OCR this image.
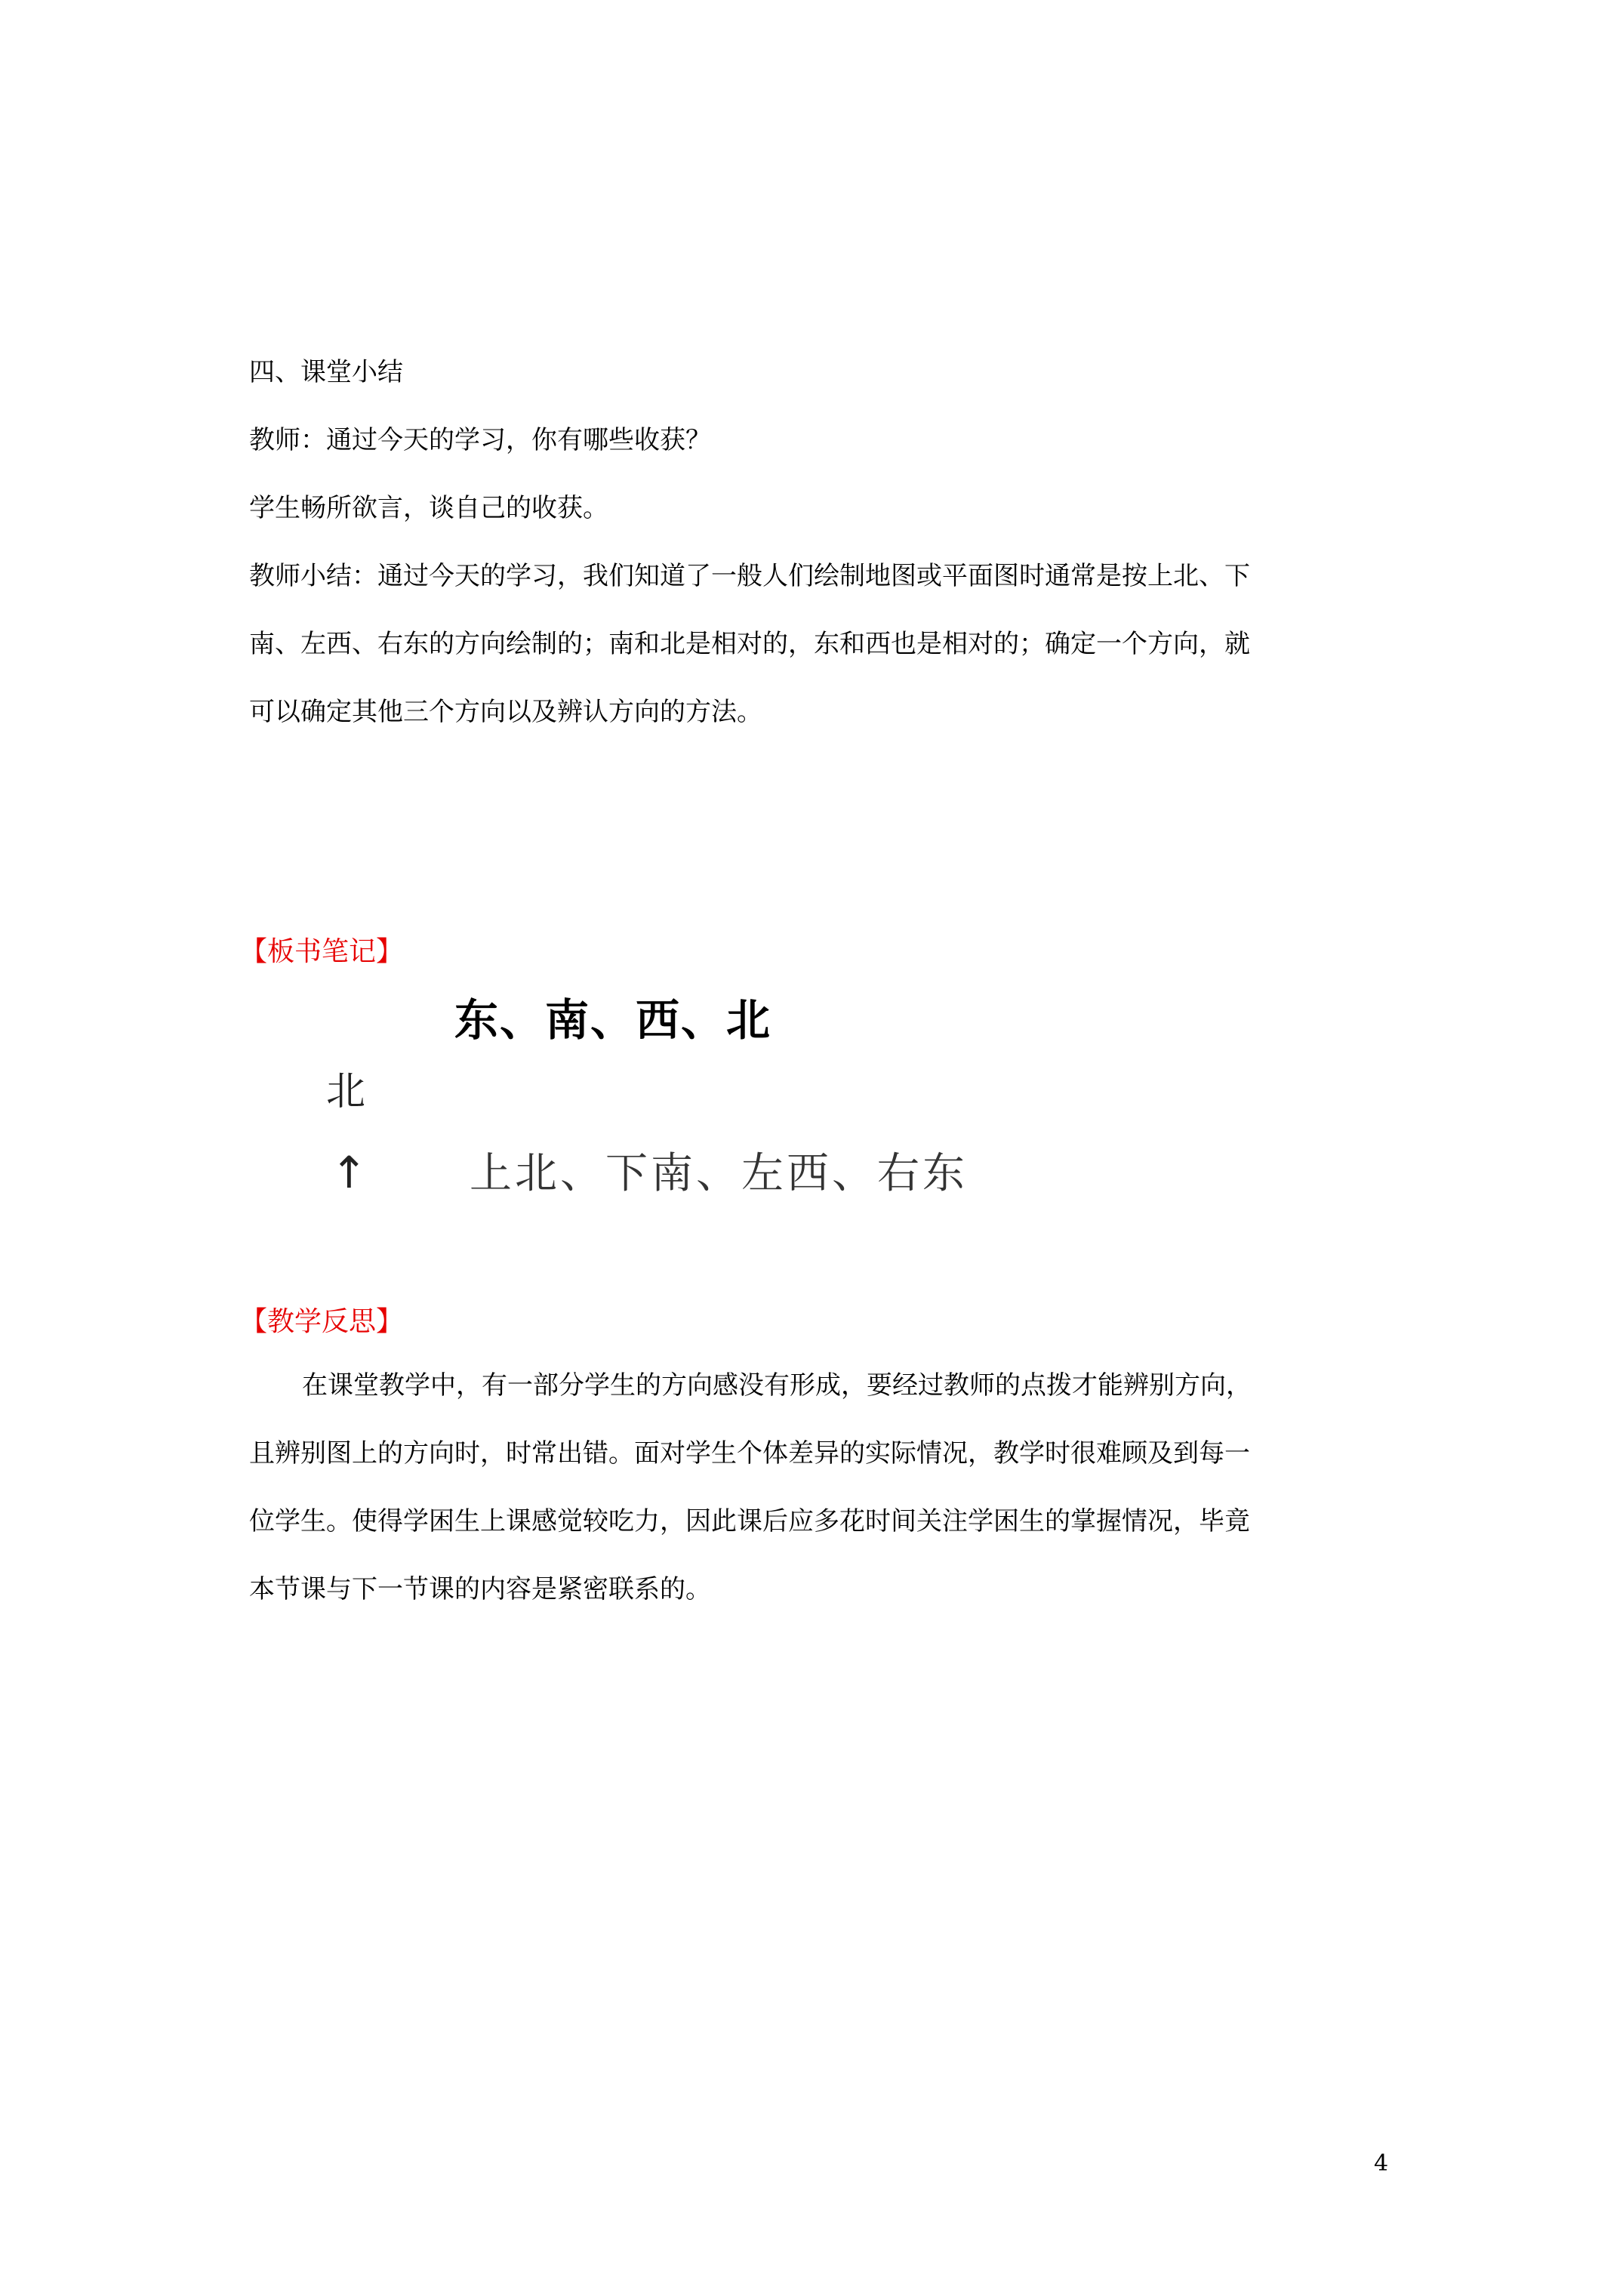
四、课堂小结
教师：通过今天的学习，你有哪些收获？
学生畅所欲言，谈自己的收获。
教师小结：通过今天的学习，我们知道了一般人们绘制地图或平面图时通常是按上北、下
南、左西、右东的方向绘制的；南和北是相对的，东和西也是相对的；确定一个方向，就
可以确定其他三个方向以及辨认方向的方法。
【板书笔记】
东、南、西、北
北
↑ 上北、下南、左西、右东
【教学反思】
在课堂教学中，有一部分学生的方向感没有形成，要经过教师的点拨才能辨别方向，
且辨别图上的方向时，时常出错。面对学生个体差异的实际情况，教学时很难顾及到每一
位学生。使得学困生上课感觉较吃力，因此课后应多花时间关注学困生的掌握情况，毕竟
本节课与下一节课的内容是紧密联系的。
4
